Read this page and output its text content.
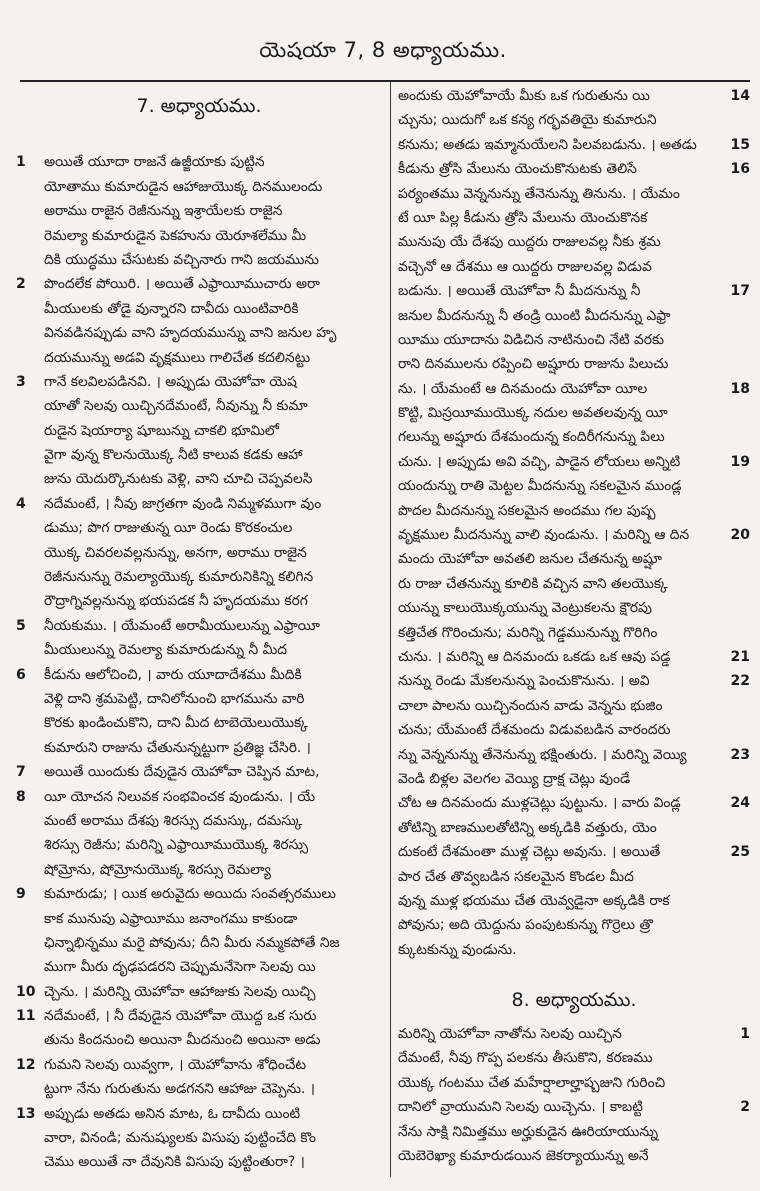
యెషయా 7, 8 అధ్యాయము.
7. అధ్యాయము.
1	అయితే యూదా రాజనే ఉజ్జీయాకు పుట్టిన
యోతాము కుమారుడైన ఆహాజుయొక్క దినములందు
అరాము రాజైన రెజీనున్ను ఇశ్రాయేలకు రాజైన
రెమల్యా కుమారుడైన పెకహును యెరూశలేము మీ
దికి యుద్ధము చేసుటకు వచ్చినారు గాని జయమును
2	పొందలేక పోయిరి. । అయితే ఎఫ్రాయీముచారు అరా
మీయులకు తోడై వున్నారని దావీదు యింటివారికి
వినవడినప్పుడు వాని హృదయమున్ను వాని జనుల హృ
దయమున్ను అడవి వృక్షములు గాలిచేత కదలినట్టు
3	గానే కలవిలపడినవి. । అప్పుడు యెహోవా యెష
యాతో సెలవు యిచ్చినదేమంటే, నీవున్ను నీ కుమా
రుడైన షెయార్యా షూబున్ను చాకలి భూమిలో
వైగా వున్న కొలనుయొక్క నీటి కాలువ కడకు ఆహా
జును యెదుర్కొనుటకు వెళ్లి, వాని చూచి చెప్పవలసి
4	నదేమంటే, । నీవు జాగ్రతగా వుండి నిమ్మళముగా వుం
డుము; పొగ రాజుతున్న యీ రెండు కొరకంచుల
యొక్క చివరలవల్లనున్ను, అనగా, అరాము రాజైన
రెజీనునున్ను రెమల్యాయొక్క కుమారునికిన్ని కలిగిన
రౌద్రాగ్నివల్లనున్ను భయపడక నీ హృదయము కరగ
5	నీయకుము. । యేమంటే అరామీయులున్ను ఎఫ్రాయీ
మీయులున్ను రెమల్యా కుమారుడున్ను నీ మీద
6	కీడును ఆలోచించి, । వారు యూదాదేశము మీదికి
వెళ్లి దాని శ్రమపెట్టి, దానిలోనుంచి భాగమును వారి
కొరకు ఖండించుకొని, దాని మీద టాబెయెలుయొక్క
కుమారుని రాజును చేతునున్నట్టుగా ప్రతిజ్ఞ చేసిరి. ।
7	అయితే యిందుకు దేవుడైన యెహోవా చెప్పిన మాట,
8	యీ యోచన నిలువక సంభవించక వుండును. । యే
మంటే అరాము దేశపు శిరస్సు దమస్కు, దమస్కు
శిరస్సు రెజీను; మరిన్ని ఎఫ్రాయీముయొక్క శిరస్సు
షోమ్రోను, షోమ్రోనుయొక్క శిరస్సు రెమల్యా
9	కుమారుడు; । యిక అరువైదు అయిదు సంవత్సరములు
కాక మునుపు ఎఫ్రాయీము జనాంగము కాకుండా
ఛిన్నాభిన్నము మరై పోవును; దీని మీరు నమ్మకపోతే నిజ
ముగా మీరు దృఢపడరని చెప్పుమనేసెగా సెలవు యి
10 చ్చెను. । మరిన్ని యెహోవా ఆహాజుకు సెలవు యిచ్చి
11 నదేమంటే, । నీ దేవుడైన యెహోవా యొద్ద ఒక సురు
తును కిందనుంచి అయినా మీదనుంచి అయినా అడు
12 గుమని సెలవు యివ్వగా, । యెహోవాను శోధించేట
ట్టుగా నేను గురుతును అడగనని ఆహాజు చెప్పెను. ।
13 అప్పుడు అతడు అనిన మాట, ఓ దావీదు యింటి
వారా, వినండి; మనుష్యులకు విసుపు పుట్టించేది కొం
చెము అయితే నా దేవునికి విసుపు పుట్టింతురా? ।
14
అందుకు యెహోవాయే మీకు ఒక గురుతును యి
చ్చును; యిదుగో ఒక కన్య గర్భవతియై కుమారుని
15
కనును; అతడు ఇమ్మానుయేలని పిలవబడును. । అతడు
16
కీడును త్రోసి మేలును యెంచుకొనుటకు తెలిసే
పర్యంతము వెన్ననున్ను తేనెనున్ను తినును. । యేమం
టే యీ పిల్ల కీడును త్రోసి మేలును యెంచుకొనక
మునుపు యే దేశపు యిద్దరు రాజులవల్ల నీకు శ్రమ
వచ్చెనో ఆ దేశము ఆ యిద్దరు రాజులవల్ల విడువ
17
బడును. । అయితే యెహోవా నీ మీదనున్ను నీ
జనుల మీదనున్ను నీ తండ్రి యింటి మీదనున్ను ఎఫ్రా
యీము యూదాను విడిచిన నాటినుంచి నేటి వరకు
రాని దినములను రప్పించి అష్షూరు రాజును పిలుచు
18
ను. । యేమంటే ఆ దినమందు యెహోవా యీల
కొట్టి, మిస్రయీముయొక్క నదుల అవతలవున్న యీ
గలున్ను అష్షూరు దేశమందున్న కందిరీగనున్ను పిలు
19
చును. । అప్పుడు అవి వచ్చి, పాడైన లోయలు అన్నిటి
యందున్ను రాతి మెట్టల మీదనున్ను సకలమైన ముండ్ల
పొదల మీదనున్ను సకలమైన అందము గల పుష్ప
20
వృక్షముల మీదనున్ను వాలి వుండును. । మరిన్ని ఆ దిన
మందు యెహోవా అవతలి జనుల చేతనున్న అష్షూ
రు రాజు చేతనున్ను కూలికి వచ్చిన వాని తలయొక్క
యున్ను కాలుయొక్కయున్ను వెంట్రుకలను క్షౌరపు
కత్తిచేత గొరించును; మరిన్ని గెడ్డమునున్ను గొరిగిం
21
చును. । మరిన్ని ఆ దినమందు ఒకడు ఒక ఆవు పడ్డ
22
నున్ను రెండు మేకలనున్ను పెంచుకొనును. । అవి
చాలా పాలను యిచ్చినందున వాడు వెన్నను భుజిం
చును; యేమంటే దేశమందు విడువబడిన వారందరు
23
న్ను వెన్ననున్ను తేనెనున్ను భక్షింతురు. । మరిన్ని వెయ్యి
వెండి బిళ్లల వెలగల వెయ్యి ద్రాక్ష చెట్లు వుండే
24
చోట ఆ దినమందు ముళ్లచెట్లు పుట్టును. । వారు విండ్ల
తోటిన్ని బాణములతోటిన్ని అక్కడికి వత్తురు, యెం
25
దుకంటే దేశమంతా ముళ్ల చెట్లు అవును. । అయితే
పార చేత తొవ్వబడిన సకలమైన కొండల మీద
వున్న ముళ్ల భయము చేత యెవ్వడైనా అక్కడికి రాక
పోవును; అది యెద్దును పంపుటకున్ను గొర్రెలు త్రొ
క్కుటకున్ను వుండును.
8. అధ్యాయము.
1
మరిన్ని యెహోవా నాతోను సెలవు యిచ్చిన
దేమంటే, నీవు గొప్ప పలకను తీసుకొని, కరణము
యొక్క గంటము చేత మహేర్షాలాల్హాష్బజుని గురించి
2
దానిలో వ్రాయుమని సెలవు యిచ్చెను. । కాబట్టి
నేను సాక్షి నిమిత్తము అర్హుకుడైన ఊరియాయున్ను
యెబెరెఖ్యా కుమారుడయిన జెకర్యాయున్ను అనే
